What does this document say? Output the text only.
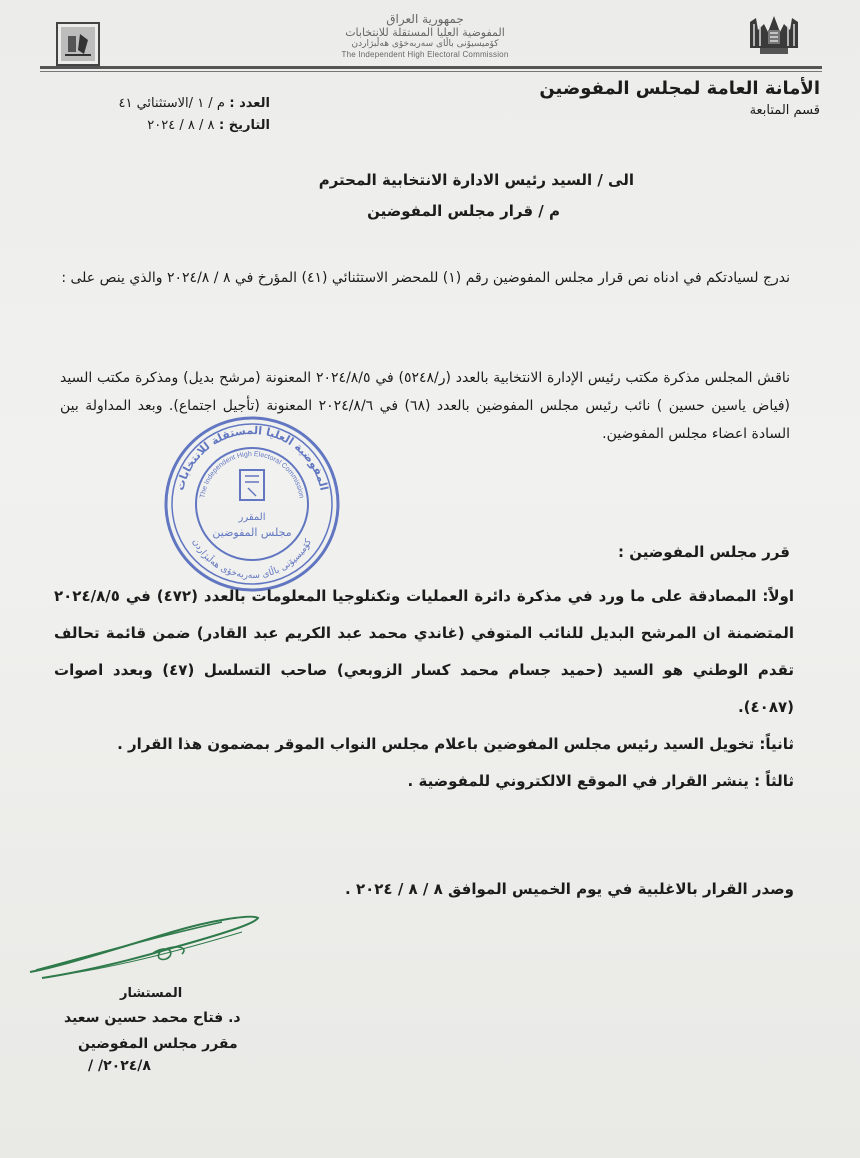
جمهورية العراق
المفوضية العليا المستقلة للانتخابات
کۆمیسیۆنی باڵای سەربەخۆی هەڵبژاردن
The Independent High Electoral Commission
الأمانة العامة لمجلس المفوضين
قسم المتابعة
العدد : م / ١ /الاستثنائي ٤١
التاريخ : ٨ / ٨ / ٢٠٢٤
الى / السيد رئيس الادارة الانتخابية المحترم
م / قرار مجلس المفوضين
ندرج لسيادتكم في ادناه نص قرار مجلس المفوضين رقم (١) للمحضر الاستثنائي (٤١) المؤرخ في ٨ / ٢٠٢٤/٨ والذي ينص على :
ناقش المجلس مذكرة مكتب رئيس الإدارة الانتخابية بالعدد (ر/٥٢٤٨) في ٢٠٢٤/٨/٥ المعنونة (مرشح بديل) ومذكرة مكتب السيد (فياض ياسين حسين ) نائب رئيس مجلس المفوضين بالعدد (٦٨) في ٢٠٢٤/٨/٦ المعنونة (تأجيل اجتماع). وبعد المداولة بين السادة اعضاء مجلس المفوضين.
المفوضية العليا المستقلة للانتخابات
کۆمیسیۆنی باڵای سەربەخۆی هەڵبژاردن
The Independent High Electoral Commission
المقرر
مجلس المفوضين
قرر مجلس المفوضين :
اولاً: المصادقة على ما ورد في مذكرة دائرة العمليات وتكنلوجيا المعلومات بالعدد (٤٧٢) في ٢٠٢٤/٨/٥ المتضمنة ان المرشح البديل للنائب المتوفي (غاندي محمد عبد الكريم عبد القادر) ضمن قائمة تحالف تقدم الوطني هو السيد (حميد جسام محمد كسار الزوبعي) صاحب التسلسل (٤٧) وبعدد اصوات (٤٠٨٧).
ثانياً: تخويل السيد رئيس مجلس المفوضين باعلام مجلس النواب الموقر بمضمون هذا القرار .
ثالثاً : ينشر القرار في الموقع الالكتروني للمفوضية .
وصدر القرار بالاغلبية في يوم الخميس الموافق ٨ / ٨ / ٢٠٢٤ .
المستشار
د. فتاح محمد حسين سعيد
مقرر مجلس المفوضين
٢٠٢٤/٨/ /
